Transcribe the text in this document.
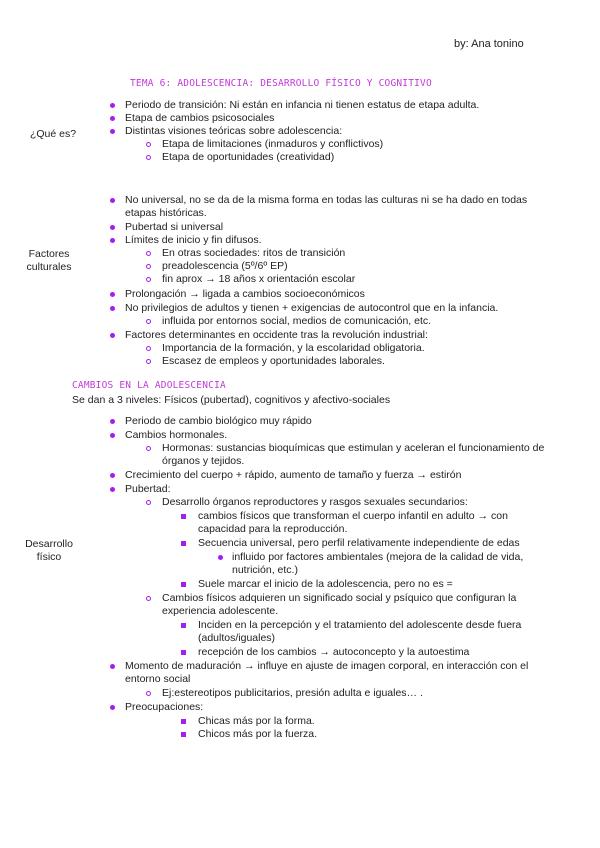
by: Ana tonino
TEMA 6: ADOLESCENCIA: DESARROLLO FÍSICO Y COGNITIVO
¿Qué es?
Periodo de transición: Ni están en infancia ni tienen estatus de etapa adulta.
Etapa de cambios psicosociales
Distintas visiones teóricas sobre adolescencia:
Etapa de limitaciones (inmaduros y conflictivos)
Etapa de oportunidades (creatividad)
Factores
culturales
No universal, no se da de la misma forma en todas las culturas ni se ha dado en todas
etapas históricas.
Pubertad si universal
Límites de inicio y fin difusos.
En otras sociedades: ritos de transición
preadolescencia (5º/6º EP)
fin aprox → 18 años x orientación escolar
Prolongación → ligada a cambios socioeconómicos
No privilegios de adultos y tienen + exigencias de autocontrol que en la infancia.
influida por entornos social, medios de comunicación, etc.
Factores determinantes en occidente tras la revolución industrial:
Importancia de la formación, y la escolaridad obligatoria.
Escasez de empleos y oportunidades laborales.
CAMBIOS EN LA ADOLESCENCIA
Se dan a 3 niveles: Físicos (pubertad), cognitivos y afectivo-sociales
Desarrollo
físico
Periodo de cambio biológico muy rápido
Cambios hormonales.
Hormonas: sustancias bioquímicas que estimulan y aceleran el funcionamiento de
órganos y tejidos.
Crecimiento del cuerpo + rápido, aumento de tamaño y fuerza → estirón
Pubertad:
Desarrollo órganos reproductores y rasgos sexuales secundarios:
cambios físicos que transforman el cuerpo infantil en adulto → con
capacidad para la reproducción.
Secuencia universal, pero perfil relativamente independiente de edas
influido por factores ambientales (mejora de la calidad de vida,
nutrición, etc.)
Suele marcar el inicio de la adolescencia, pero no es =
Cambios físicos adquieren un significado social y psíquico que configuran la
experiencia adolescente.
Inciden en la percepción y el tratamiento del adolescente desde fuera
(adultos/iguales)
recepción de los cambios → autoconcepto y la autoestima
Momento de maduración → influye en ajuste de imagen corporal, en interacción con el
entorno social
Ej:estereotipos publicitarios, presión adulta e iguales… .
Preocupaciones:
Chicas más por la forma.
Chicos más por la fuerza.
